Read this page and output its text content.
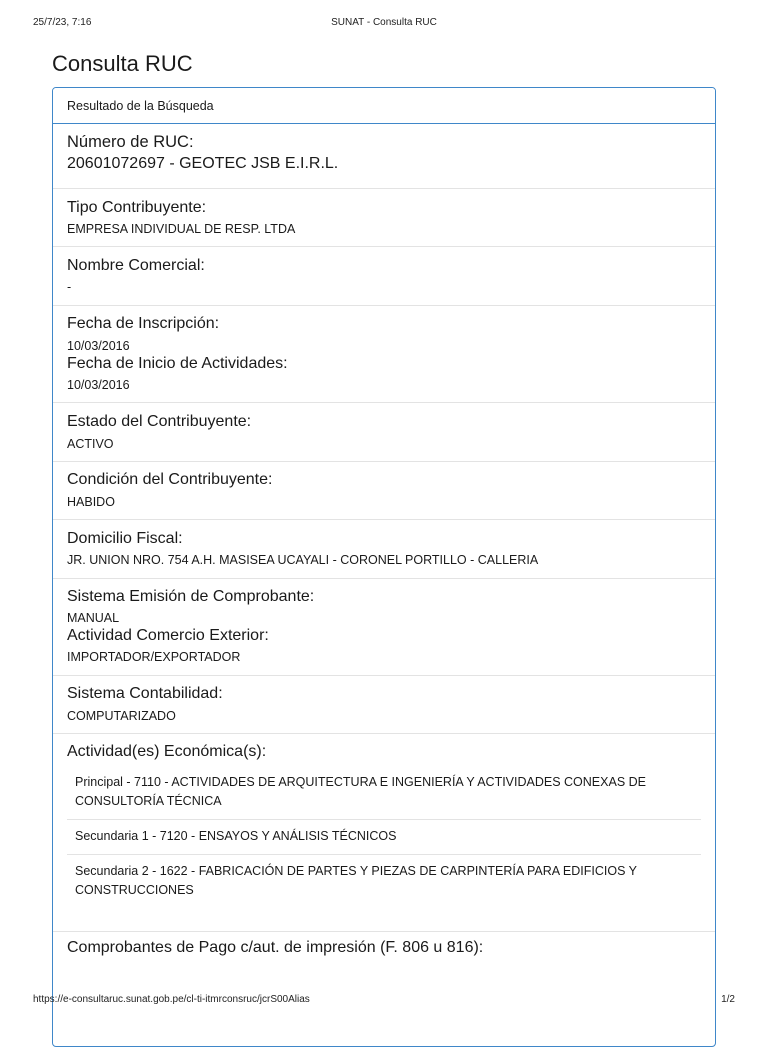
25/7/23, 7:16	SUNAT - Consulta RUC
Consulta RUC
Resultado de la Búsqueda
Número de RUC:
20601072697 - GEOTEC JSB E.I.R.L.
Tipo Contribuyente:
EMPRESA INDIVIDUAL DE RESP. LTDA
Nombre Comercial:
-
Fecha de Inscripción:
10/03/2016
Fecha de Inicio de Actividades:
10/03/2016
Estado del Contribuyente:
ACTIVO
Condición del Contribuyente:
HABIDO
Domicilio Fiscal:
JR. UNION NRO. 754 A.H. MASISEA UCAYALI - CORONEL PORTILLO - CALLERIA
Sistema Emisión de Comprobante:
MANUAL
Actividad Comercio Exterior:
IMPORTADOR/EXPORTADOR
Sistema Contabilidad:
COMPUTARIZADO
Actividad(es) Económica(s):
Principal - 7110 - ACTIVIDADES DE ARQUITECTURA E INGENIERÍA Y ACTIVIDADES CONEXAS DE CONSULTORÍA TÉCNICA
Secundaria 1 - 7120 - ENSAYOS Y ANÁLISIS TÉCNICOS
Secundaria 2 - 1622 - FABRICACIÓN DE PARTES Y PIEZAS DE CARPINTERÍA PARA EDIFICIOS Y CONSTRUCCIONES
Comprobantes de Pago c/aut. de impresión (F. 806 u 816):
https://e-consultaruc.sunat.gob.pe/cl-ti-itmrconsruc/jcrS00Alias	1/2
